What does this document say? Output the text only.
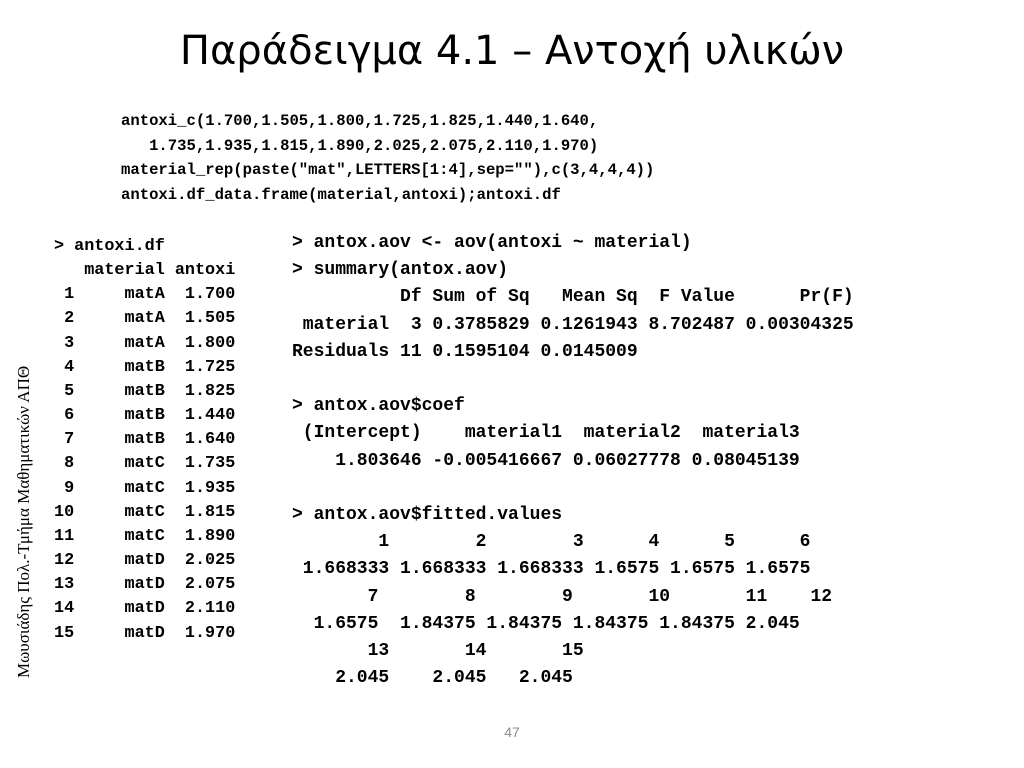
Παράδειγμα 4.1 – Αντοχή υλικών
antoxi_c(1.700,1.505,1.800,1.725,1.825,1.440,1.640,
1.735,1.935,1.815,1.890,2.025,2.075,2.110,1.970)
material_rep(paste("mat",LETTERS[1:4],sep=""),c(3,4,4,4))
antoxi.df_data.frame(material,antoxi);antoxi.df
> antoxi.df
material antoxi
1     matA  1.700
2     matA  1.505
3     matA  1.800
4     matB  1.725
5     matB  1.825
6     matB  1.440
7     matB  1.640
8     matC  1.735
9     matC  1.935
10     matC  1.815
11     matC  1.890
12     matD  2.025
13     matD  2.075
14     matD  2.110
15     matD  1.970
> antox.aov <- aov(antoxi ~ material)
> summary(antox.aov)
Df Sum of Sq   Mean Sq  F Value      Pr(F)
material  3 0.3785829 0.1261943 8.702487 0.00304325
Residuals 11 0.1595104 0.0145009

> antox.aov$coef
(Intercept)    material1  material2  material3
1.803646 -0.005416667 0.06027778 0.08045139

> antox.aov$fitted.values
1        2        3      4      5      6
1.668333 1.668333 1.668333 1.6575 1.6575 1.6575
7        8        9       10       11    12
1.6575  1.84375 1.84375 1.84375 1.84375 2.045
13       14       15
2.045    2.045   2.045
Μωυσιάδης Πολ.-Τμήμα Μαθηματικών ΑΠΘ
47
